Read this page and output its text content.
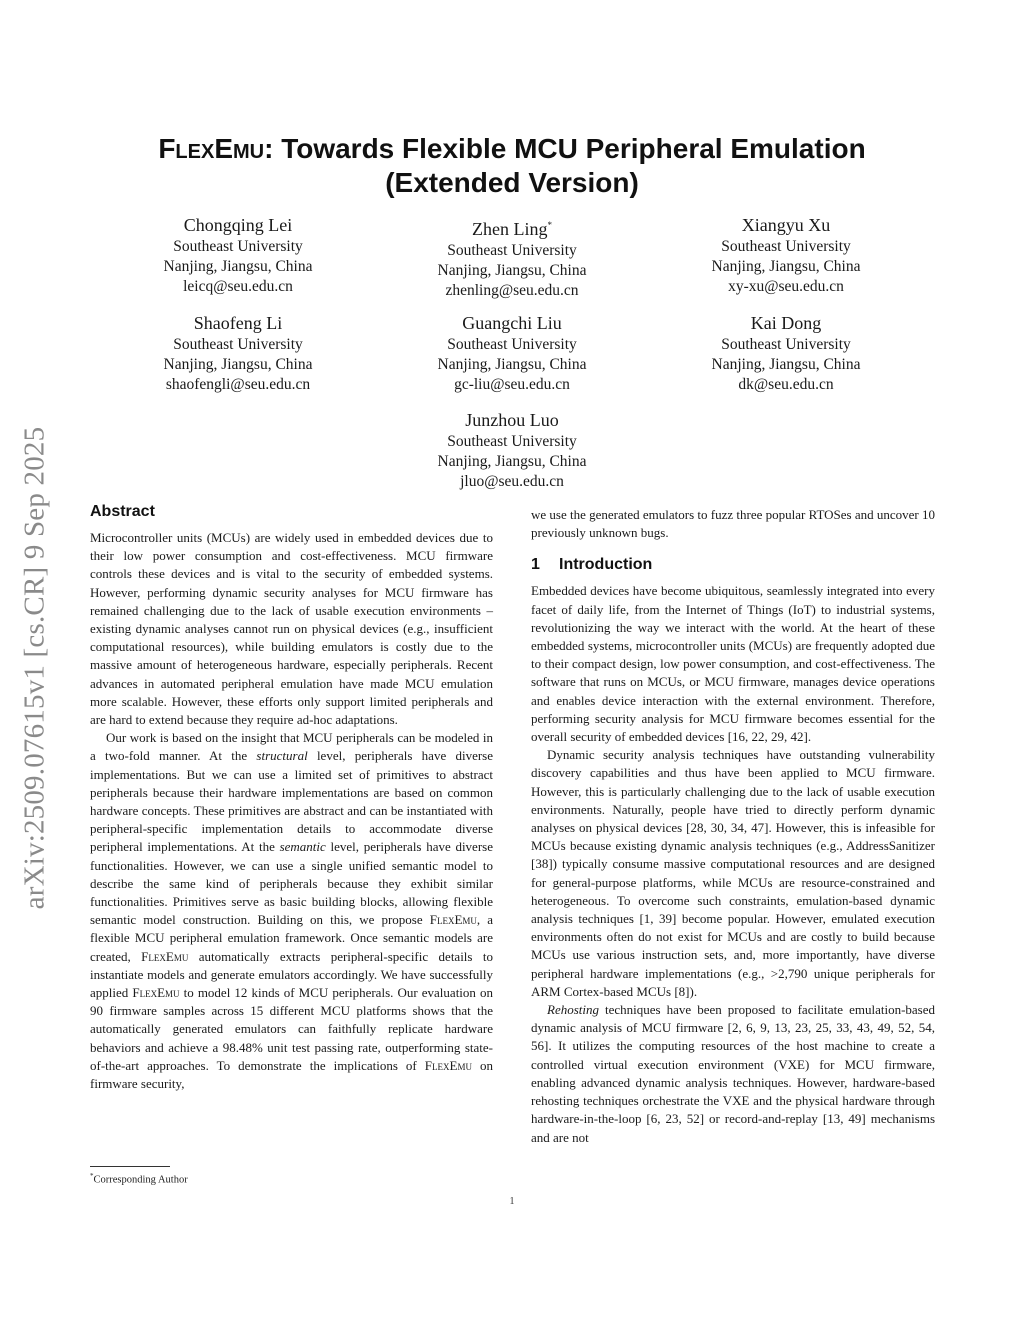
arXiv:2509.07615v1 [cs.CR] 9 Sep 2025
FlexEmu: Towards Flexible MCU Peripheral Emulation
(Extended Version)
Chongqing Lei
Southeast University
Nanjing, Jiangsu, China
leicq@seu.edu.cn
Zhen Ling*
Southeast University
Nanjing, Jiangsu, China
zhenling@seu.edu.cn
Xiangyu Xu
Southeast University
Nanjing, Jiangsu, China
xy-xu@seu.edu.cn
Shaofeng Li
Southeast University
Nanjing, Jiangsu, China
shaofengli@seu.edu.cn
Guangchi Liu
Southeast University
Nanjing, Jiangsu, China
gc-liu@seu.edu.cn
Kai Dong
Southeast University
Nanjing, Jiangsu, China
dk@seu.edu.cn
Junzhou Luo
Southeast University
Nanjing, Jiangsu, China
jluo@seu.edu.cn
Abstract

Microcontroller units (MCUs) are widely used in embedded devices due to their low power consumption and cost-effectiveness. MCU firmware controls these devices and is vital to the security of embedded systems. However, performing dynamic security analyses for MCU firmware has remained challenging due to the lack of usable execution environments – existing dynamic analyses cannot run on physical devices (e.g., insufficient computational resources), while building emulators is costly due to the massive amount of heterogeneous hardware, especially peripherals. Recent advances in automated peripheral emulation have made MCU emulation more scalable. However, these efforts only support limited peripherals and are hard to extend because they require ad-hoc adaptations.

Our work is based on the insight that MCU peripherals can be modeled in a two-fold manner. At the structural level, peripherals have diverse implementations. But we can use a limited set of primitives to abstract peripherals because their hardware implementations are based on common hardware concepts. These primitives are abstract and can be instantiated with peripheral-specific implementation details to accommodate diverse peripheral implementations. At the semantic level, peripherals have diverse functionalities. However, we can use a single unified semantic model to describe the same kind of peripherals because they exhibit similar functionalities. Primitives serve as basic building blocks, allowing flexible semantic model construction. Building on this, we propose FlexEmu, a flexible MCU peripheral emulation framework. Once semantic models are created, FlexEmu automatically extracts peripheral-specific details to instantiate models and generate emulators accordingly. We have successfully applied FlexEmu to model 12 kinds of MCU peripherals. Our evaluation on 90 firmware samples across 15 different MCU platforms shows that the automatically generated emulators can faithfully replicate hardware behaviors and achieve a 98.48% unit test passing rate, outperforming state-of-the-art approaches. To demonstrate the implications of FlexEmu on firmware security,

we use the generated emulators to fuzz three popular RTOSes and uncover 10 previously unknown bugs.

1 Introduction

Embedded devices have become ubiquitous, seamlessly integrated into every facet of daily life, from the Internet of Things (IoT) to industrial systems, revolutionizing the way we interact with the world. At the heart of these embedded systems, microcontroller units (MCUs) are frequently adopted due to their compact design, low power consumption, and cost-effectiveness. The software that runs on MCUs, or MCU firmware, manages device operations and enables device interaction with the external environment. Therefore, performing security analysis for MCU firmware becomes essential for the overall security of embedded devices [16, 22, 29, 42].

Dynamic security analysis techniques have outstanding vulnerability discovery capabilities and thus have been applied to MCU firmware. However, this is particularly challenging due to the lack of usable execution environments. Naturally, people have tried to directly perform dynamic analyses on physical devices [28, 30, 34, 47]. However, this is infeasible for MCUs because existing dynamic analysis techniques (e.g., AddressSanitizer [38]) typically consume massive computational resources and are designed for general-purpose platforms, while MCUs are resource-constrained and heterogeneous. To overcome such constraints, emulation-based dynamic analysis techniques [1, 39] become popular. However, emulated execution environments often do not exist for MCUs and are costly to build because MCUs use various instruction sets, and, more importantly, have diverse peripheral hardware implementations (e.g., >2,790 unique peripherals for ARM Cortex-based MCUs [8]).

Rehosting techniques have been proposed to facilitate emulation-based dynamic analysis of MCU firmware [2, 6, 9, 13, 23, 25, 33, 43, 49, 52, 54, 56]. It utilizes the computing resources of the host machine to create a controlled virtual execution environment (VXE) for MCU firmware, enabling advanced dynamic analysis techniques. However, hardware-based rehosting techniques orchestrate the VXE and the physical hardware through hardware-in-the-loop [6, 23, 52] or record-and-replay [13, 49] mechanisms and are not

*Corresponding Author
1
